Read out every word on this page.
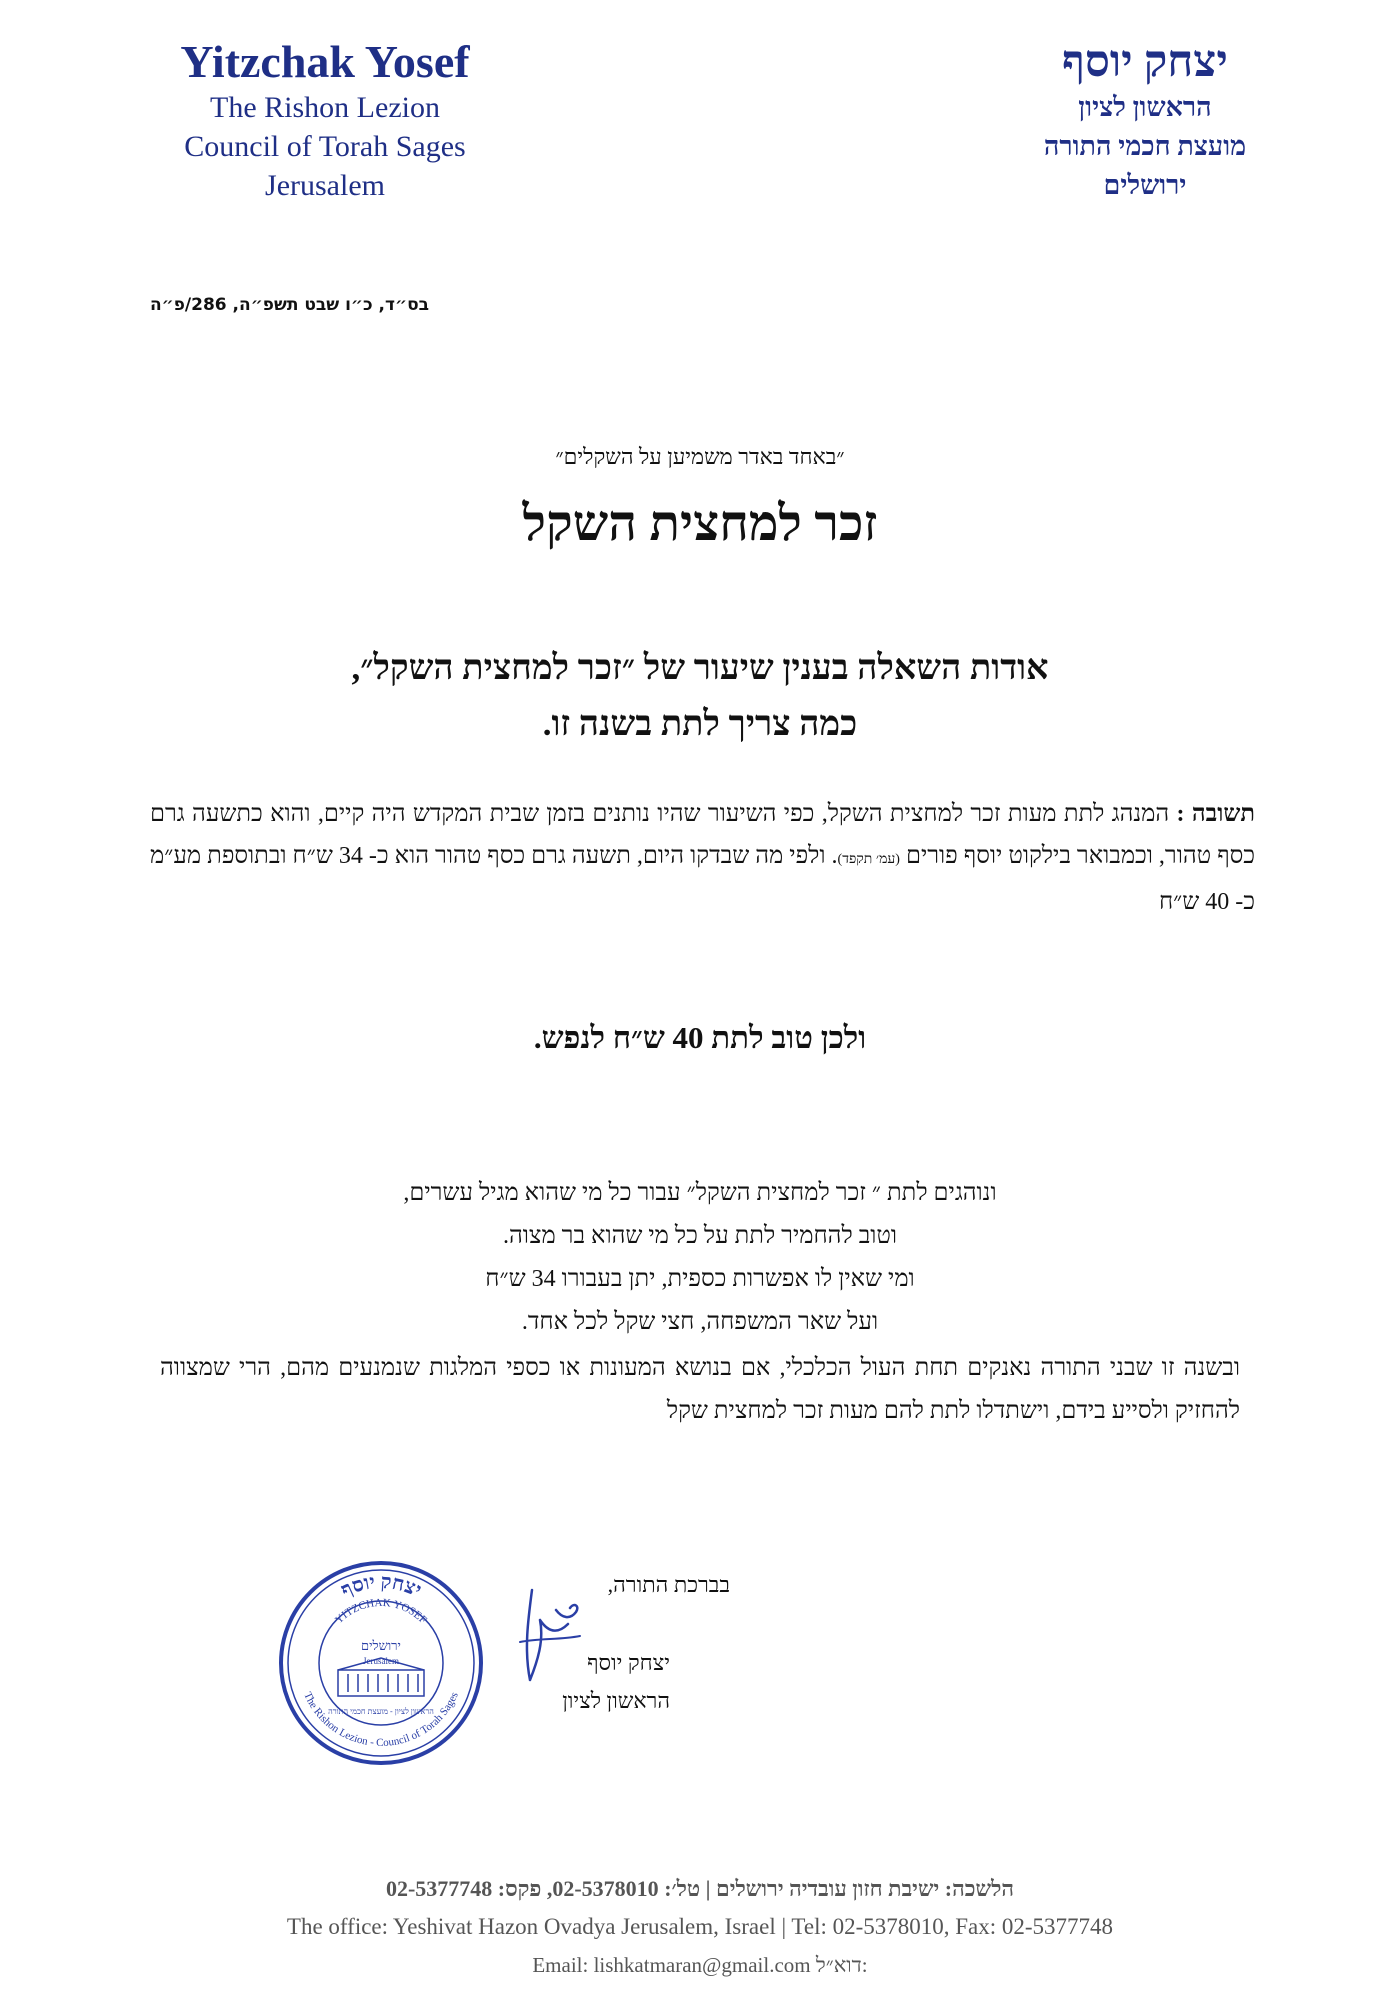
Yitzchak Yosef
The Rishon Lezion
Council of Torah Sages
Jerusalem
יצחק יוסף
הראשון לציון
מועצת חכמי התורה
ירושלים
בס״ד, כ״ו שבט תשפ״ה, 286/פ״ה
״באחד באדר משמיען על השקלים״
זכר למחצית השקל
אודות השאלה בענין שיעור של ״זכר למחצית השקל״,
כמה צריך לתת בשנה זו.
תשובה : המנהג לתת מעות זכר למחצית השקל, כפי השיעור שהיו נותנים בזמן שבית המקדש היה קיים, והוא כתשעה גרם כסף טהור, וכמבואר בילקוט יוסף פורים (עמ׳ תקפד). ולפי מה שבדקו היום, תשעה גרם כסף טהור הוא כ- 34 ש״ח ובתוספת מע״מ כ- 40 ש״ח
ולכן טוב לתת 40 ש״ח לנפש.
ונוהגים לתת ״ זכר למחצית השקל״ עבור כל מי שהוא מגיל עשרים,
וטוב להחמיר לתת על כל מי שהוא בר מצוה.
ומי שאין לו אפשרות כספית, יתן בעבורו 34 ש״ח
ועל שאר המשפחה, חצי שקל לכל אחד.
ובשנה זו שבני התורה נאנקים תחת העול הכלכלי, אם בנושא המעונות או כספי המלגות שנמנעים מהם, הרי שמצווה להחזיק ולסייע בידם, וישתדלו לתת להם מעות זכר למחצית שקל
בברכת התורה,
יצחק יוסף
הראשון לציון
יצחק יוסף
YITZCHAK YOSEF
The Rishon Lezion - Council of Torah Sages
ירושלים
Jerusalem
הראשון לציון - מועצת חכמי התורה
הלשכה: ישיבת חזון עובדיה ירושלים | טל׳: 02-5378010, פקס: 02-5377748
The office: Yeshivat Hazon Ovadya Jerusalem, Israel | Tel: 02-5378010, Fax: 02-5377748
Email: lishkatmaran@gmail.com דוא״ל:
